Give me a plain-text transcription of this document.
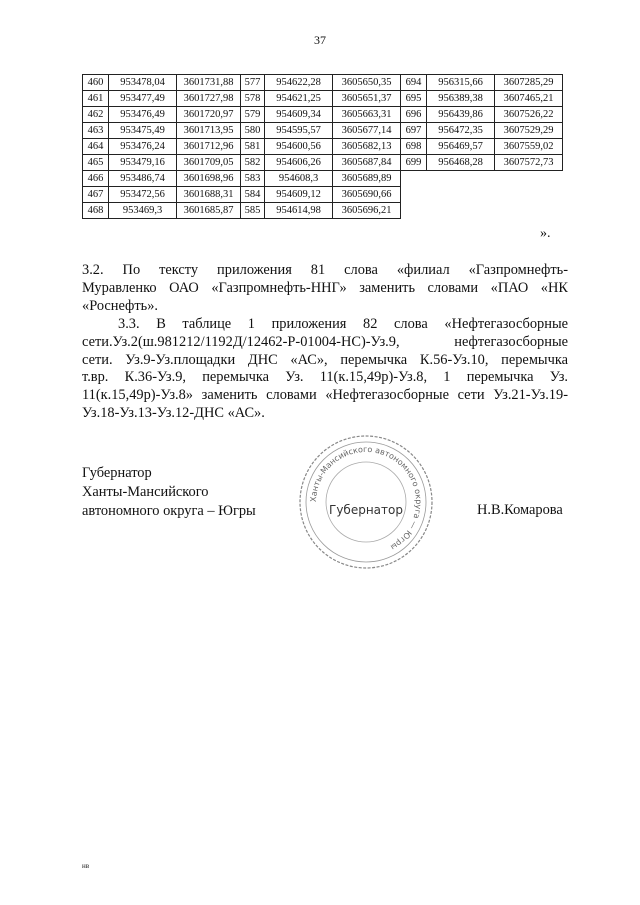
37
460	953478,04	3601731,88	577	954622,28	3605650,35	694	956315,66	3607285,29
461	953477,49	3601727,98	578	954621,25	3605651,37	695	956389,38	3607465,21
462	953476,49	3601720,97	579	954609,34	3605663,31	696	956439,86	3607526,22
463	953475,49	3601713,95	580	954595,57	3605677,14	697	956472,35	3607529,29
464	953476,24	3601712,96	581	954600,56	3605682,13	698	956469,57	3607559,02
465	953479,16	3601709,05	582	954606,26	3605687,84	699	956468,28	3607572,73
466	953486,74	3601698,96	583	954608,3	3605689,89			
467	953472,56	3601688,31	584	954609,12	3605690,66			
468	953469,3	3601685,87	585	954614,98	3605696,21			
».
3.2. По тексту приложения 81 слова «филиал «Газпромнефть-
Муравленко ОАО «Газпромнефть-ННГ» заменить словами «ПАО «НК
«Роснефть».
3.3. В таблице 1 приложения 82 слова «Нефтегазосборные
сети.Уз.2(ш.981212/1192Д/12462-Р-01004-НС)-Уз.9, нефтегазосборные
сети. Уз.9-Уз.площадки ДНС «АС», перемычка К.56-Уз.10, перемычка
т.вр. К.36-Уз.9, перемычка Уз. 11(к.15,49р)-Уз.8, 1 перемычка Уз.
11(к.15,49р)-Уз.8» заменить словами «Нефтегазосборные сети Уз.21-Уз.19-
Уз.18-Уз.13-Уз.12-ДНС «АС».
Губернатор
Ханты-Мансийского
автономного округа – Югры
Ханты-Мансийского автономного округа — Югры
Губернатор	Н.В.Комарова
нв
